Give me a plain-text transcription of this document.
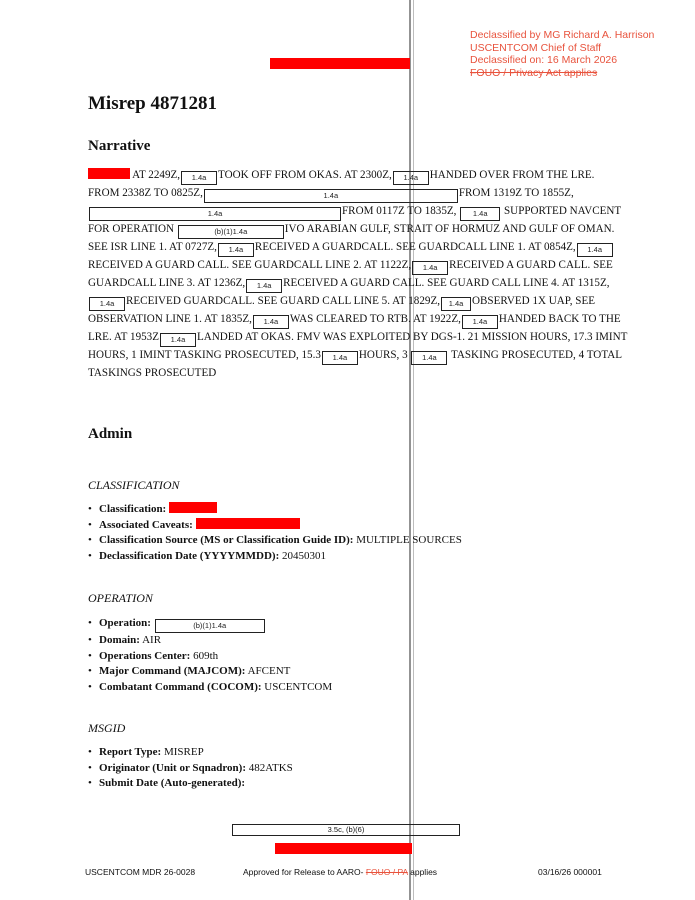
Declassified by MG Richard A. Harrison
USCENTCOM Chief of Staff
Declassified on: 16 March 2026
FOUO / Privacy Act applies
Misrep 4871281
Narrative
AT 2249Z, 1.4a TOOK OFF FROM OKAS. AT 2300Z, 1.4a HANDED OVER FROM THE LRE. FROM 2338Z TO 0825Z,	1.4a	FROM 1319Z TO 1855Z,1.4a	FROM 0117Z TO 1835Z, 1.4a SUPPORTED NAVCENT FOR OPERATION	(b)(1)1.4a	IVO ARABIAN GULF, STRAIT OF HORMUZ AND GULF OF OMAN. SEE ISR LINE 1. AT 0727Z, 1.4a RECEIVED A GUARDCALL. SEE GUARDCALL LINE 1. AT 0854Z, 1.4aRECEIVED A GUARD CALL. SEE GUARDCALL LINE 2. AT 1122Z, 1.4a RECEIVED A GUARD CALL. SEE GUARDCALL LINE 3. AT 1236Z, 1.4a RECEIVED A GUARD CALL. SEE GUARD CALL LINE 4. AT 1315Z,1.4a RECEIVED GUARDCALL. SEE GUARD CALL LINE 5. AT 1829Z, 1.4a OBSERVED 1X UAP, SEE OBSERVATION LINE 1. AT 1835Z, 1.4a WAS CLEARED TO RTB. AT 1922Z, 1.4a HANDED BACK TO THE LRE. AT 1953Z 1.4a LANDED AT OKAS. FMV WAS EXPLOITED BY DGS-1. 21 MISSION HOURS, 17.3 IMINT HOURS, 1 IMINT TASKING PROSECUTED, 15.3 1.4a HOURS, 3 1.4a TASKING PROSECUTED, 4 TOTAL TASKINGS PROSECUTED
Admin
CLASSIFICATION
• Classification:
• Associated Caveats:
• Classification Source (MS or Classification Guide ID): MULTIPLE SOURCES
• Declassification Date (YYYYMMDD): 20450301
OPERATION
• Operation:	(b)(1)1.4a
• Domain: AIR
• Operations Center: 609th
• Major Command (MAJCOM): AFCENT
• Combatant Command (COCOM): USCENTCOM
MSGID
• Report Type: MISREP
• Originator (Unit or Sqnadron): 482ATKS
• Submit Date (Auto-generated):
3.5c, (b)(6)
USCENTCOM MDR 26-0028	Approved for Release to AARO- FOUO / PA applies	03/16/26 000001
